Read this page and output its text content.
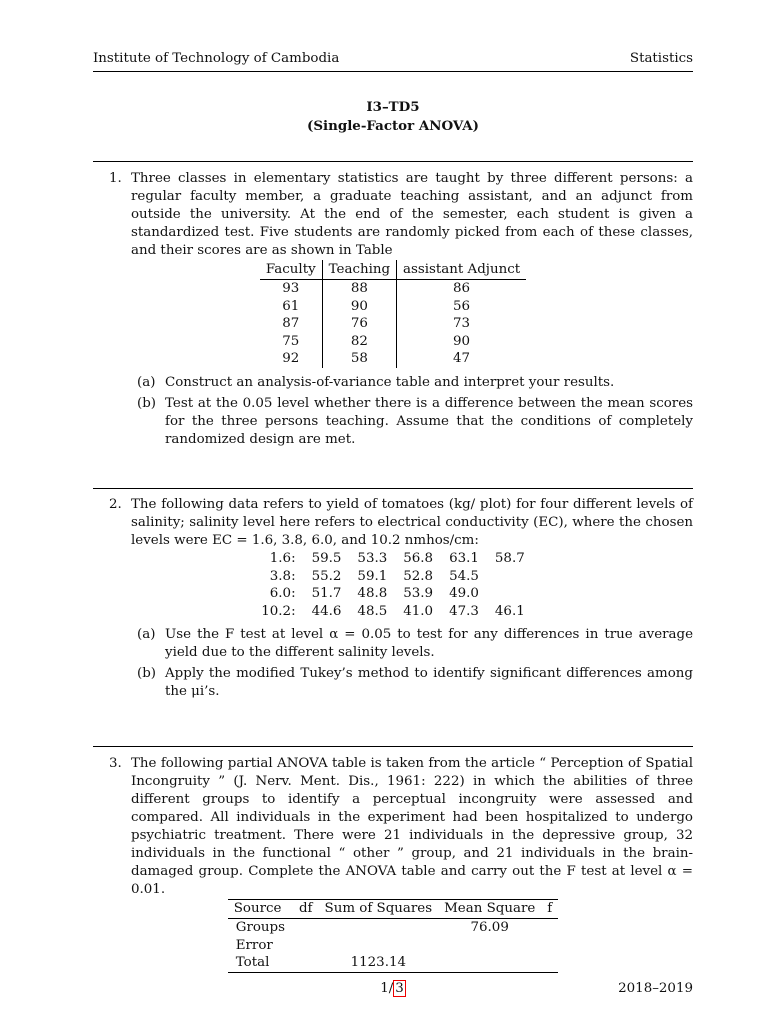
Institute of Technology of Cambodia	Statistics
I3–TD5
(Single-Factor ANOVA)
1. Three classes in elementary statistics are taught by three different persons: a regular faculty member, a graduate teaching assistant, and an adjunct from outside the university. At the end of the semester, each student is given a standardized test. Five students are randomly picked from each of these classes, and their scores are as shown in Table
Faculty	Teaching	assistant Adjunct
93	88	86
61	90	56
87	76	73
75	82	90
92	58	47
(a) Construct an analysis-of-variance table and interpret your results.
(b) Test at the 0.05 level whether there is a difference between the mean scores for the three persons teaching. Assume that the conditions of completely randomized design are met.
2. The following data refers to yield of tomatoes (kg/ plot) for four different levels of salinity; salinity level here refers to electrical conductivity (EC), where the chosen levels were EC = 1.6, 3.8, 6.0, and 10.2 nmhos/cm:
1.6:	59.5	53.3	56.8	63.1	58.7
3.8:	55.2	59.1	52.8	54.5	
6.0:	51.7	48.8	53.9	49.0	
10.2:	44.6	48.5	41.0	47.3	46.1
(a) Use the F test at level α = 0.05 to test for any differences in true average yield due to the different salinity levels.
(b) Apply the modified Tukey’s method to identify significant differences among the μi’s.
3. The following partial ANOVA table is taken from the article “ Perception of Spatial Incongruity ” (J. Nerv. Ment. Dis., 1961: 222) in which the abilities of three different groups to identify a perceptual incongruity were assessed and compared. All individuals in the experiment had been hospitalized to undergo psychiatric treatment. There were 21 individuals in the depressive group, 32 individuals in the functional “ other ” group, and 21 individuals in the brain-damaged group. Complete the ANOVA table and carry out the F test at level α = 0.01.
Source	df	Sum of Squares	Mean Square	f
Groups			76.09	
Error				
Total		1123.14		
1/ 3	2018–2019
